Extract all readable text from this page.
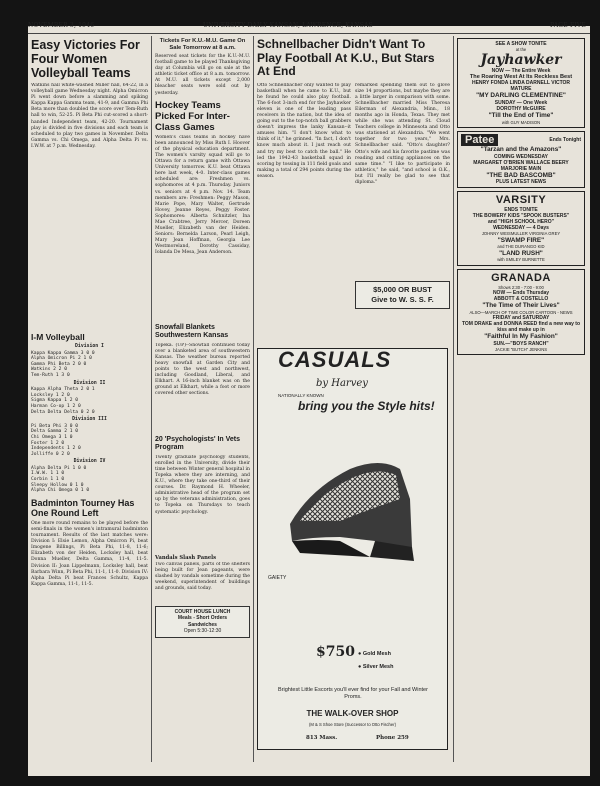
NOVEMBER 3, 1946	UNIVERSITY DAILY KANSAN, LAWRENCE, KANSAS	PAGE FIVE
Easy Victories For Four Women Volleyball Teams

Watkins hall white-washed Miller hall, 64-22, in a volleyball game Wednesday night. Alpha Omicron Pi went down before a slamming and spiking Kappa Kappa Gamma team, 41-9, and Gamma Phi Beta more than doubled the score over Tem-Ruth hall to win, 52-25. Pi Beta Phi cut-scored a short-handed Independent team, 42-20. Tournament play is divided in five divisions and each team is scheduled to play two games in November. Delta Gamma vs. Chi Omega, and Alpha Delta Pi vs. I.W.W. at 7 p.m. Wednesday.

I-M Volleyball
Division I
Kappa Kappa Gamma 3 0 0
Alpha Omicron Pi 2 1 0
Gamma Phi Beta 2 0 0
Watkins 2 2 0
Tem-Ruth 1 3 0
Division II
Kappa Alpha Theta 2 0 1
Locksley 1 2 0
Sigma Kappa 1 2 0
Harman Co-op 1 2 0
Delta Delta Delta 0 2 0
Division III
Pi Beta Phi 3 0 0
Delta Gamma 2 1 0
Chi Omega 3 1 0
Foster 1 2 0
Independents 1 2 0
Jolliffe 0 2 0
Division IV
Alpha Delta Pi 1 0 0
I.W.W. 1 1 0
Corbin 1 1 0
Sleepy Hollow 0 1 0
Alpha Chi Omega 0 1 0
Badminton Tourney Has One Round Left

One more round remains to be played before the semi-finals in the women's intramural badminton tournament. Results of the last matches were: Division I: Elsie Lemon, Alpha Omicron Pi, beat Imogene Billings, Pi Beta Phi, 11-8, 11-6; Elizabeth von der Heiden, Locksley hall, beat Donna Mueller, Delta Gamma, 11-4, 11-5. Division II: Joan Lippelmann, Locksley hall, beat Barbara Winn, Pi Beta Phi, 11-1, 11-0. Division IV: Alpha Delta Pi beat Frances Schultz, Kappa Kappa Gamma, 11-1, 11-5.

Tickets For K.U.-M.U. Game On Sale Tomorrow at 8 a.m.

Reserved seat tickets for the K.U.-M.U. football game to be played Thanksgiving day at Columbia will go on sale at the athletic ticket office at 8 a.m. tomorrow. At M.U. all tickets except 2,000 bleacher seats were sold out by yesterday.

Hockey Teams Picked For Inter-Class Games

Women's class teams in hockey have been announced by Miss Ruth I. Hoover of the physical education department. The women's varsity squad will go to Ottawa for a return game with Ottawa University tomorrow. K.U. beat Ottawa here last week, 4-0. Inter-class games scheduled are: Freshmen vs. sophomores at 4 p.m. Thursday. Juniors vs. seniors at 4 p.m. Nov. 14. Team members are: Freshmen: Peggy Mason, Marie Pope, Mary Walter, Gertrude Hovey, Jeanne Reyes, Peggy Foster. Sophomores: Alberta Schnitzler, Ina Mae Crabtree, Jerry Mercer, Doreen Mueller, Elizabeth van der Heiden. Seniors: Bernelda Larson, Pearl Leigh, Mary Jean Hoffman, Georgia Lee Westmoreland, Dorothy Cassiday, Iolanda De Mesa, Jean Anderson.

Snowfall Blankets Southwestern Kansas

Topeka. (UP)--Snowfall continued today over a blanketed area of southwestern Kansas. The weather bureau reported heavy snowfall at Garden City and points to the west and northwest, including Goodland, Liberal, and Elkhart. A 16-inch blanket was on the ground at Elkhart, while a foot or more covered other sections.

20 'Psychologists' In Vets Program

Twenty graduate psychology students, enrolled in the University, divide their time between Winter general hospital in Topeka where they are interning, and K.U., where they take one-third of their courses. Dr. Raymond H. Wheeler, administrative head of the program set up by the veterans administration, goes to Topeka on Thursdays to teach systematic psychology.

Vandals Slash Panels

Two canvas panels, parts of the shelters being built for Jean pageants, were slashed by vandals sometime during the weekend, superintendent of buildings and grounds, said today.

COURT HOUSE LUNCH
Meals - Short Orders
Sandwiches
Open 5:30-12:30
Schnellbacher Didn't Want To Play Football At K.U., But Stars At End

Otto Schnellbacher only wanted to play basketball when he came to K.U., but he found he could also play football. The 6-foot 3-inch end for the Jayhawker eleven is one of the leading pass receivers in the nation, but the idea of going out to the top-notch ball grabbers doesn't impress the lanky Kansan--it amuses him. "I don't know what to think of it," he grinned. "In fact, I don't know much about it. I just reach out and try my best to catch the ball." He led the 1942-43 basketball squad in scoring by tossing in 111 field goals and making a total of 294 points during the season.

remarked spending them out to glove size 14 proportions, but maybe they are a little larger in comparison with some. Schnellbacher married Miss Theresa Eilerman of Alexandria, Minn., 18 months ago in Honda, Texas. They met while she was attending St. Cloud Teachers college in Minnesota and Otto was stationed at Alexandria. "We went together for two years," Mrs. Schnellbacher said. "Otto's daughter? Otto's wife and his favorite pastime was reading and cutting appliances on the same time." "I like to participate in athletics," he said, "and school is O.K., but I'll really be glad to see that diploma."

$5,000 OR BUST
Give to W. S. S. F.
CASUALS
by Harvey
NATIONALLY KNOWN
bring you the Style hits!
GAIETY
$750 ● Gold Mesh
● Silver Mesh
Brightest Little Escorts you'll ever find for your Fall and Winter Proms.
THE WALK-OVER SHOP
(M & S Shoe Store (Successor to Otto Fischer)
813 Mass.	Phone 259
SEE A SHOW TONITE
at the
Jayhawker
NOW — The Entire Week
The Roaring West At Its Reckless Best
HENRY FONDA LINDA DARNELL VICTOR MATURE
"MY DARLING CLEMENTINE"
SUNDAY — One Week
DOROTHY McGUIRE
"Till the End of Time"
with GUY MADISON
Patee	Ends Tonight
"Tarzan and the Amazons"
COMING WEDNESDAY
MARGARET O'BRIEN WALLACE BEERY MARJORIE MAIN
"THE BAD BASCOMB"
PLUS LATEST NEWS
VARSITY
ENDS TONITE
THE BOWERY KIDS "SPOOK BUSTERS"
and "HIGH SCHOOL HERO"
WEDNESDAY — 4 Days
JOHNNY WEISMULLER VIRGINIA GREY
"SWAMP FIRE"
and THE DURANGO KID
"LAND RUSH"
with SMILEY BURNETTE
GRANADA
Shows 2:30 - 7:00 - 9:00
NOW — Ends Thursday
ABBOTT & COSTELLO
"The Time of Their Lives"
ALSO—MARCH OF TIME COLOR CARTOON - NEWS
FRIDAY and SATURDAY
TOM DRAKE and DONNA REED find a new way to kiss and make up in
"Faithful In My Fashion"
SUN.—"BOYS RANCH"
JACKIE "BUTCH" JENKINS
